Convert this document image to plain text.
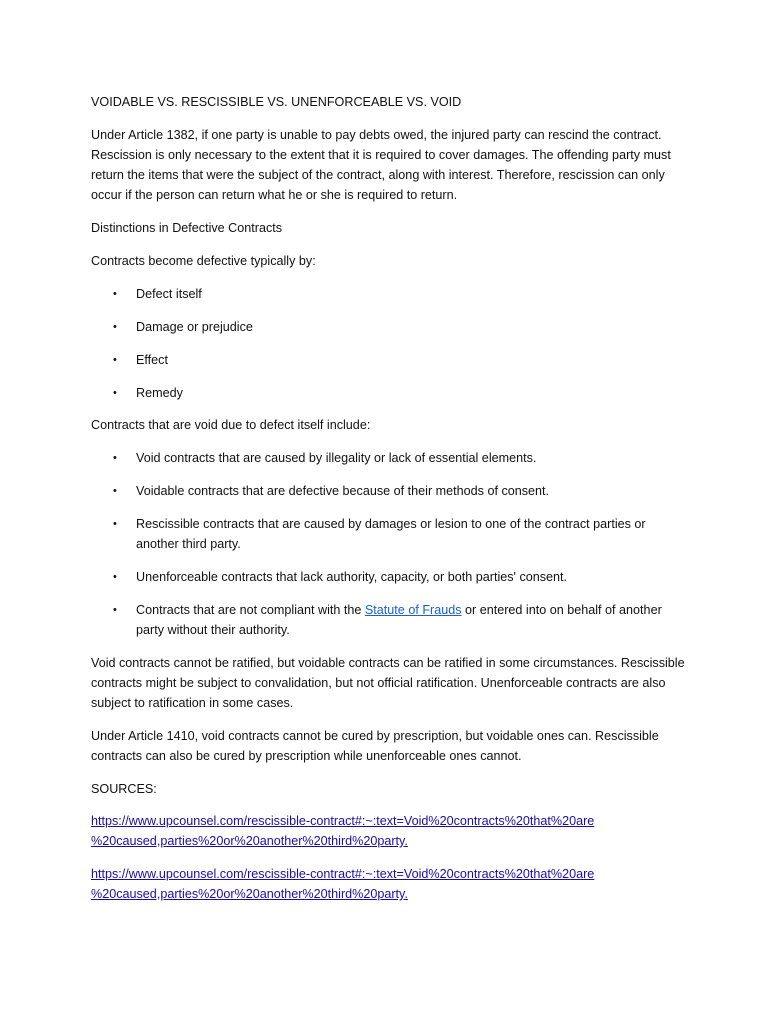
VOIDABLE VS. RESCISSIBLE VS. UNENFORCEABLE VS. VOID

Under Article 1382, if one party is unable to pay debts owed, the injured party can rescind the contract. Rescission is only necessary to the extent that it is required to cover damages. The offending party must return the items that were the subject of the contract, along with interest. Therefore, rescission can only occur if the person can return what he or she is required to return.

Distinctions in Defective Contracts

Contracts become defective typically by:

• Defect itself

• Damage or prejudice

• Effect

• Remedy

Contracts that are void due to defect itself include:

• Void contracts that are caused by illegality or lack of essential elements.

• Voidable contracts that are defective because of their methods of consent.

• Rescissible contracts that are caused by damages or lesion to one of the contract parties or another third party.

• Unenforceable contracts that lack authority, capacity, or both parties' consent.

• Contracts that are not compliant with the Statute of Frauds or entered into on behalf of another party without their authority.

Void contracts cannot be ratified, but voidable contracts can be ratified in some circumstances. Rescissible contracts might be subject to convalidation, but not official ratification. Unenforceable contracts are also subject to ratification in some cases.

Under Article 1410, void contracts cannot be cured by prescription, but voidable ones can. Rescissible contracts can also be cured by prescription while unenforceable ones cannot.

SOURCES:

https://www.upcounsel.com/rescissible-contract#:~:text=Void%20contracts%20that%20are
%20caused,parties%20or%20another%20third%20party.
https://www.upcounsel.com/rescissible-contract#:~:text=Void%20contracts%20that%20are
%20caused,parties%20or%20another%20third%20party.
